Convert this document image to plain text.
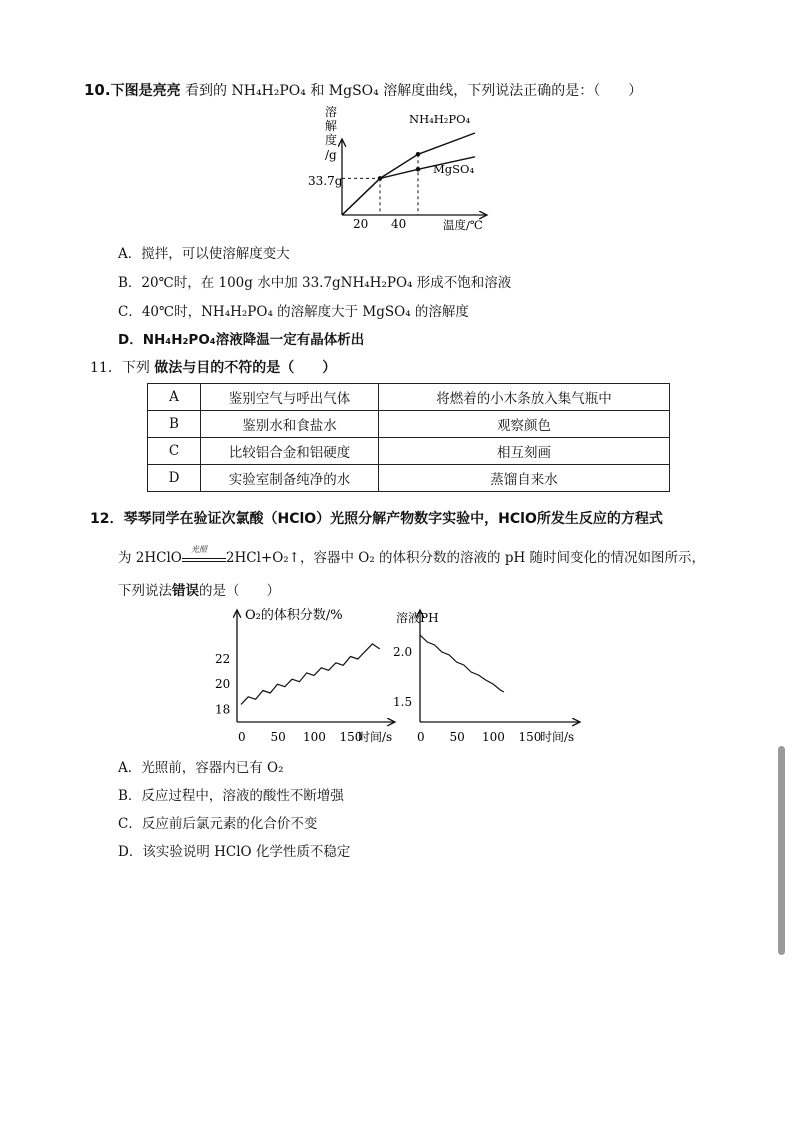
10.下图是亮亮 看到的 NH₄H₂PO₄ 和 MgSO₄ 溶解度曲线，下列说法正确的是：（　　）
溶
解
度
/g
33.7g
20 40	温度/℃
NH₄H₂PO₄
MgSO₄
A．搅拌，可以使溶解度变大
B．20℃时，在 100g 水中加 33.7gNH₄H₂PO₄ 形成不饱和溶液
C．40℃时，NH₄H₂PO₄ 的溶解度大于 MgSO₄ 的溶解度
D．NH₄H₂PO₄溶液降温一定有晶体析出
11．下列 做法与目的不符的是（　　）
A	鉴别空气与呼出气体	将燃着的小木条放入集气瓶中
B	鉴别水和食盐水	观察颜色
C	比较铝合金和铝硬度	相互刻画
D	实验室制备纯净的水	蒸馏自来水
12．琴琴同学在验证次氯酸（HClO）光照分解产物数字实验中，HClO所发生反应的方程式
为 2HClO
光照
2HCl+O₂↑，容器中 O₂ 的体积分数的溶液的 pH 随时间变化的情况如图所示，
下列说法错误的是（　　）
O₂的体积分数/%
0 50 100 150
18
20
22
时间/s
溶液PH
0 50 100 150
1.5
2.0
时间/s
A．光照前，容器内已有 O₂
B．反应过程中，溶液的酸性不断增强
C．反应前后氯元素的化合价不变
D．该实验说明 HClO 化学性质不稳定
